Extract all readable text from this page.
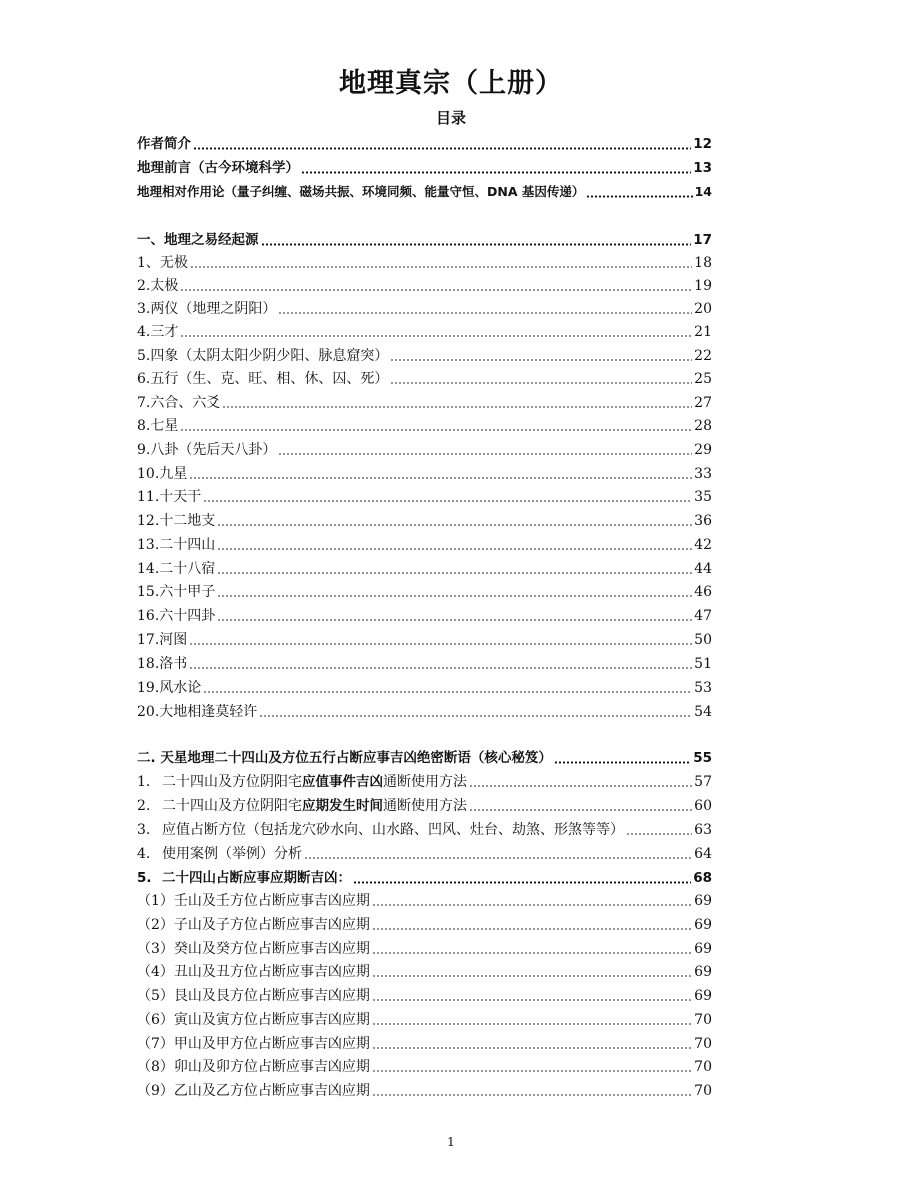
地理真宗（上册）
目录
作者简介	12
地理前言（古今环境科学）	13
地理相对作用论（量子纠缠、磁场共振、环境同频、能量守恒、DNA 基因传递）	14
一、地理之易经起源	17
1、无极	18
2.太极	19
3.两仪（地理之阴阳）	20
4.三才	21
5.四象（太阴太阳少阴少阳、脉息窟突）	22
6.五行（生、克、旺、相、休、囚、死）	25
7.六合、六爻	27
8.七星	28
9.八卦（先后天八卦）	29
10.九星	33
11.十天干	35
12.十二地支	36
13.二十四山	42
14.二十八宿	44
15.六十甲子	46
16.六十四卦	47
17.河图	50
18.洛书	51
19.风水论	53
20.大地相逢莫轻许	54
二. 天星地理二十四山及方位五行占断应事吉凶绝密断语（核心秘笈）	55
1. 二十四山及方位阴阳宅应值事件吉凶通断使用方法	57
2. 二十四山及方位阴阳宅应期发生时间通断使用方法	60
3. 应值占断方位（包括龙穴砂水向、山水路、凹风、灶台、劫煞、形煞等等）	63
4. 使用案例（举例）分析	64
5. 二十四山占断应事应期断吉凶：	68
（1）壬山及壬方位占断应事吉凶应期	69
（2）子山及子方位占断应事吉凶应期	69
（3）癸山及癸方位占断应事吉凶应期	69
（4）丑山及丑方位占断应事吉凶应期	69
（5）艮山及艮方位占断应事吉凶应期	69
（6）寅山及寅方位占断应事吉凶应期	70
（7）甲山及甲方位占断应事吉凶应期	70
（8）卯山及卯方位占断应事吉凶应期	70
（9）乙山及乙方位占断应事吉凶应期	70
1
